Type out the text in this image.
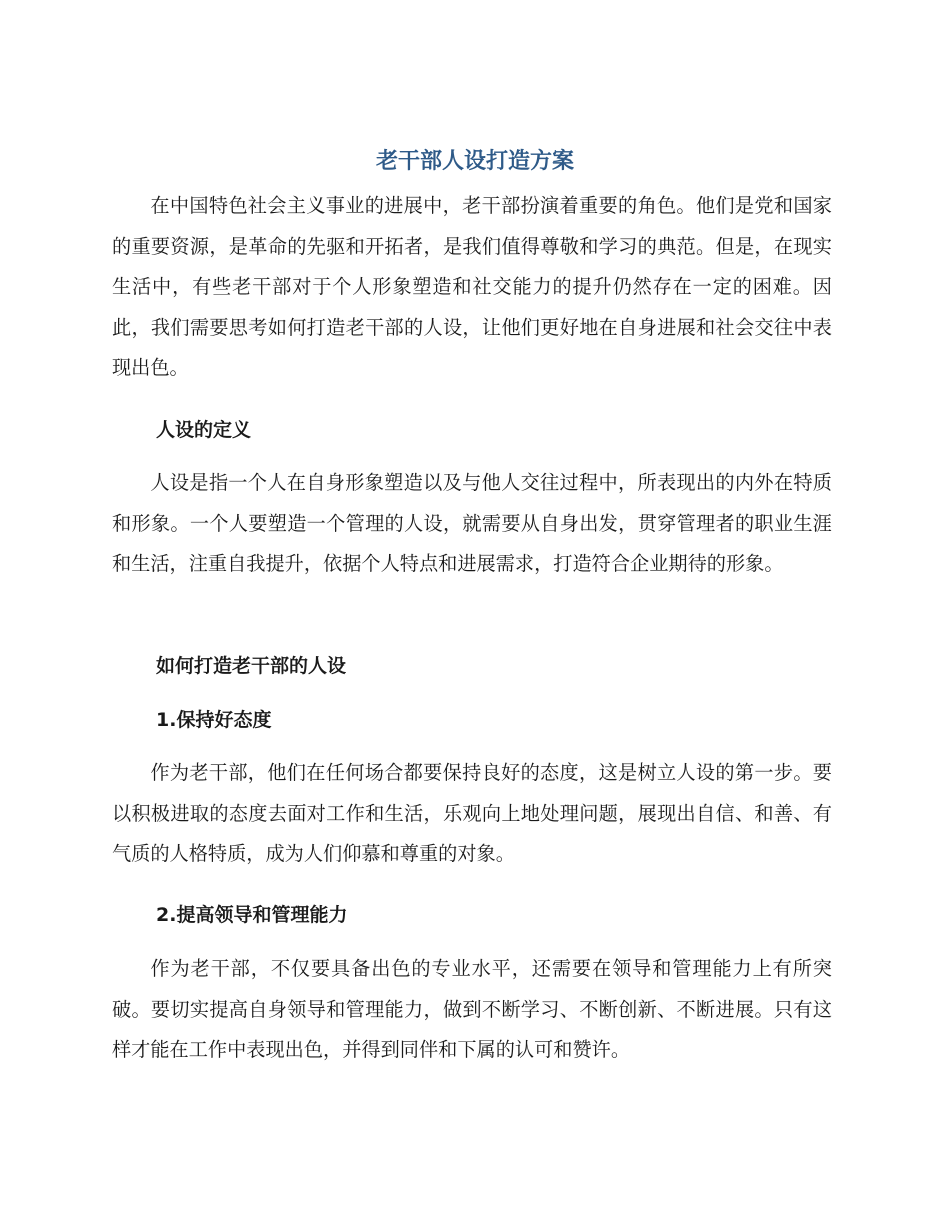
老干部人设打造方案

在中国特色社会主义事业的进展中，老干部扮演着重要的角色。他们是党和国家的重要资源，是革命的先驱和开拓者，是我们值得尊敬和学习的典范。但是，在现实生活中，有些老干部对于个人形象塑造和社交能力的提升仍然存在一定的困难。因此，我们需要思考如何打造老干部的人设，让他们更好地在自身进展和社会交往中表现出色。

人设的定义

人设是指一个人在自身形象塑造以及与他人交往过程中，所表现出的内外在特质和形象。一个人要塑造一个管理的人设，就需要从自身出发，贯穿管理者的职业生涯和生活，注重自我提升，依据个人特点和进展需求，打造符合企业期待的形象。

如何打造老干部的人设
1.保持好态度

作为老干部，他们在任何场合都要保持良好的态度，这是树立人设的第一步。要以积极进取的态度去面对工作和生活，乐观向上地处理问题，展现出自信、和善、有气质的人格特质，成为人们仰慕和尊重的对象。

2.提高领导和管理能力

作为老干部，不仅要具备出色的专业水平，还需要在领导和管理能力上有所突破。要切实提高自身领导和管理能力，做到不断学习、不断创新、不断进展。只有这样才能在工作中表现出色，并得到同伴和下属的认可和赞许。
